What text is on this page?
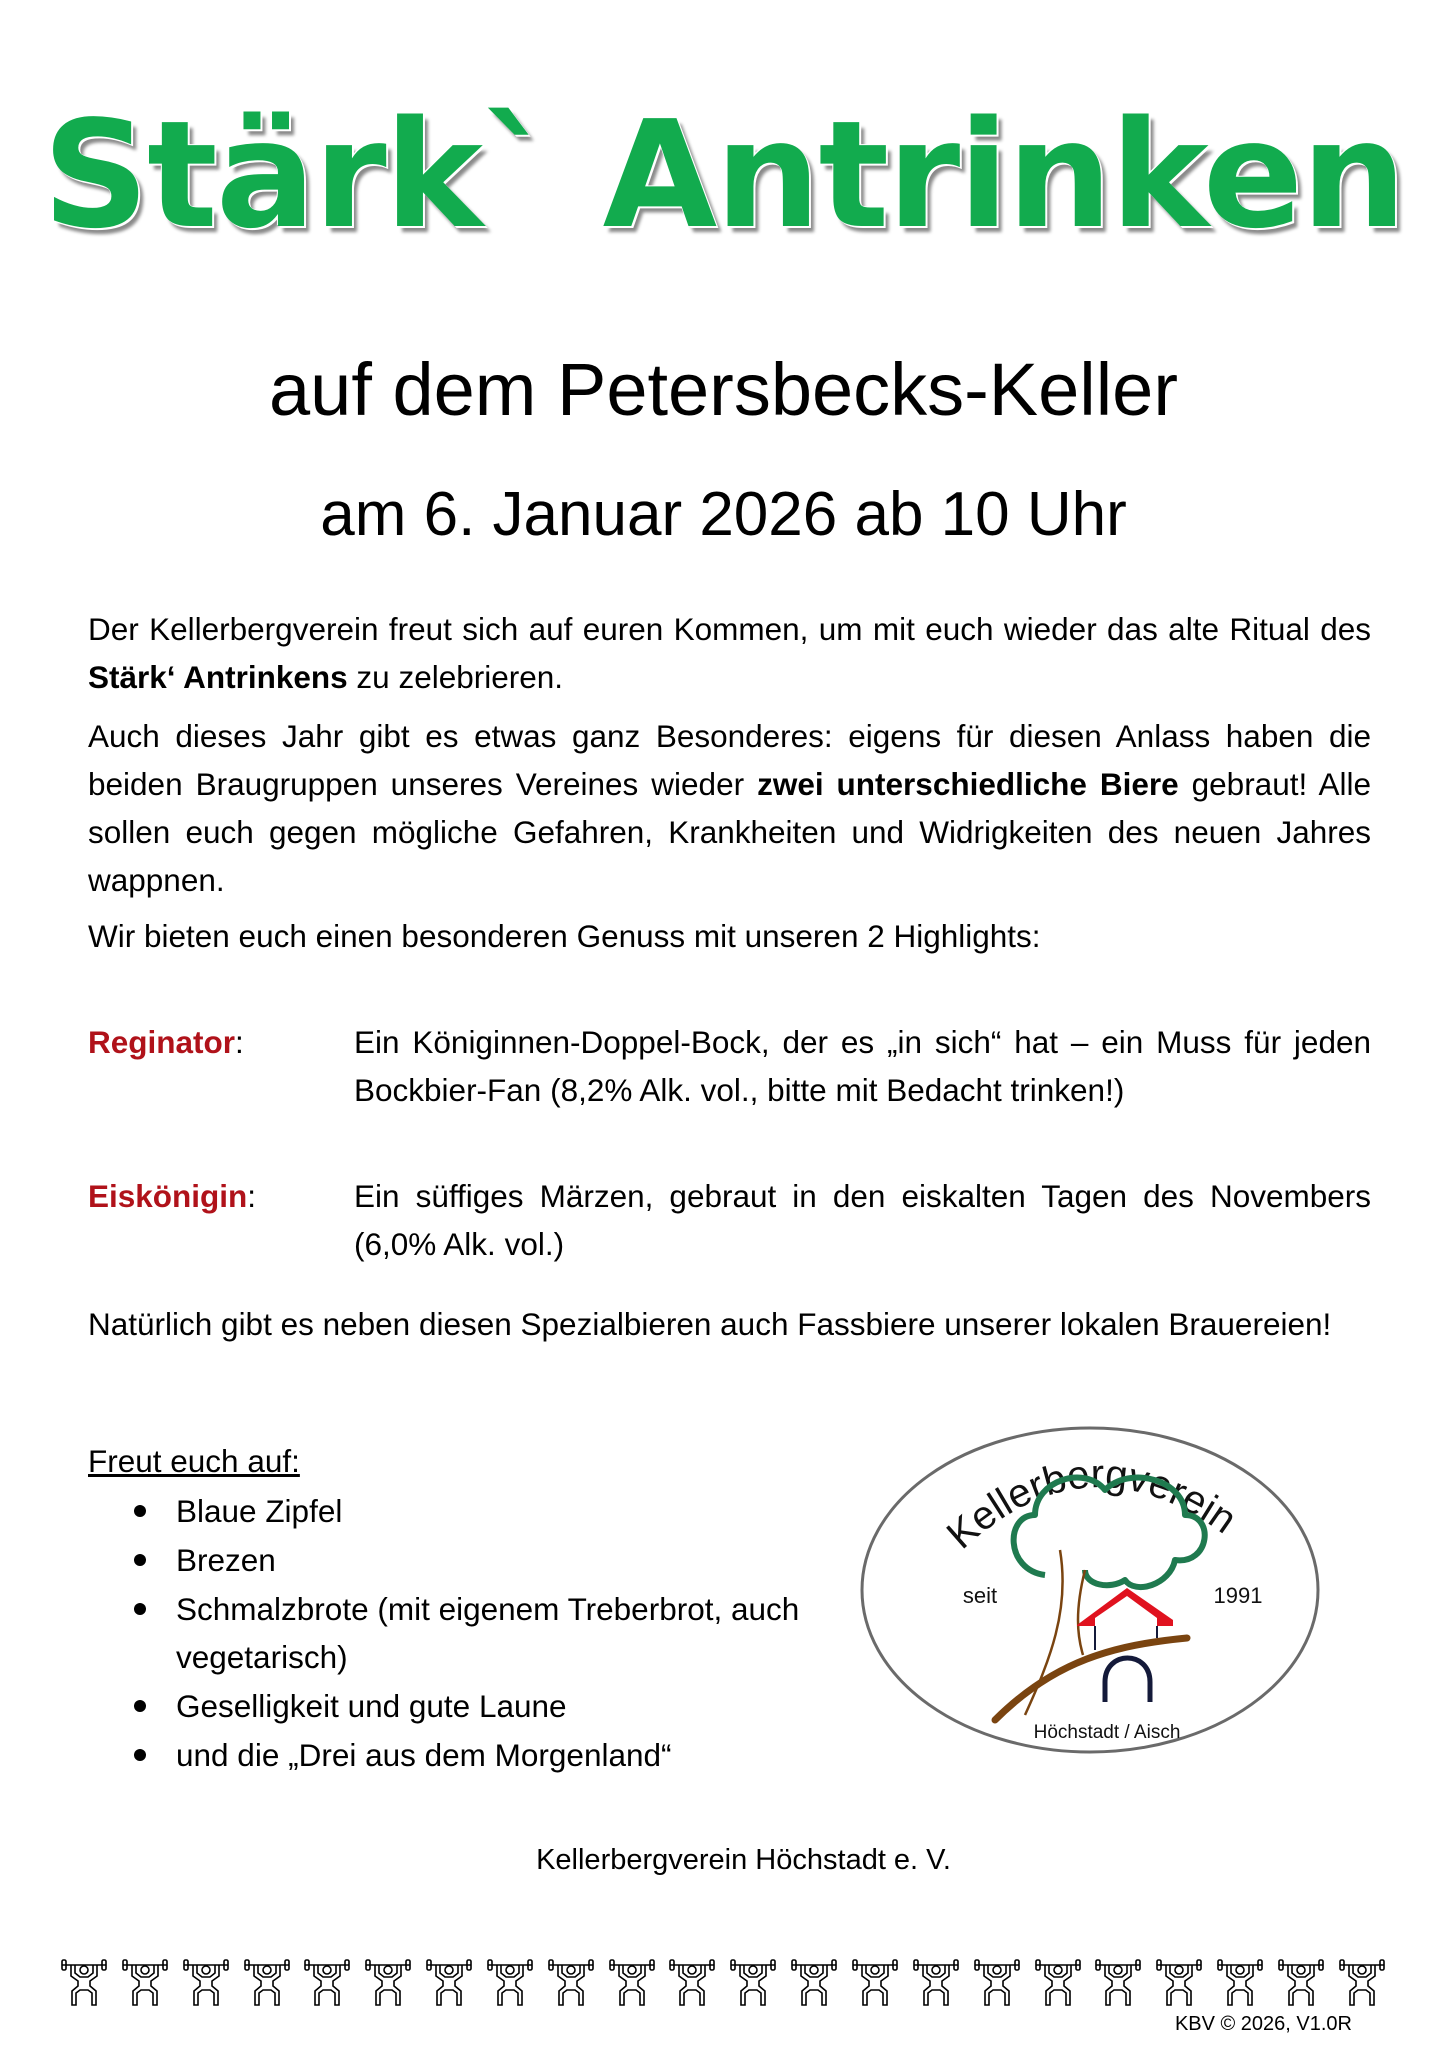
Stärk` Antrinken
auf dem Petersbecks-Keller
am 6. Januar 2026 ab 10 Uhr
Der Kellerbergverein freut sich auf euren Kommen, um mit euch wieder das alte Ritual des Stärk‘ Antrinkens zu zelebrieren.
Auch dieses Jahr gibt es etwas ganz Besonderes: eigens für diesen Anlass haben die beiden Braugruppen unseres Vereines wieder zwei unterschiedliche Biere gebraut! Alle sollen euch gegen mögliche Gefahren, Krankheiten und Widrigkeiten des neuen Jahres wappnen.
Wir bieten euch einen besonderen Genuss mit unseren 2 Highlights:
Reginator:	Ein Königinnen-Doppel-Bock, der es „in sich“ hat – ein Muss für jeden Bockbier-Fan (8,2% Alk. vol., bitte mit Bedacht trinken!)
Eiskönigin:	Ein süffiges Märzen, gebraut in den eiskalten Tagen des Novembers (6,0% Alk. vol.)
Natürlich gibt es neben diesen Spezialbieren auch Fassbiere unserer lokalen Brauereien!
Freut euch auf:
Blaue Zipfel
Brezen
Schmalzbrote (mit eigenem Treberbrot, auch vegetarisch)
Geselligkeit und gute Laune
und die „Drei aus dem Morgenland“
Kellerbergverein
seit	1991
Höchstadt / Aisch
Kellerbergverein Höchstadt e. V.
KBV © 2026, V1.0R
